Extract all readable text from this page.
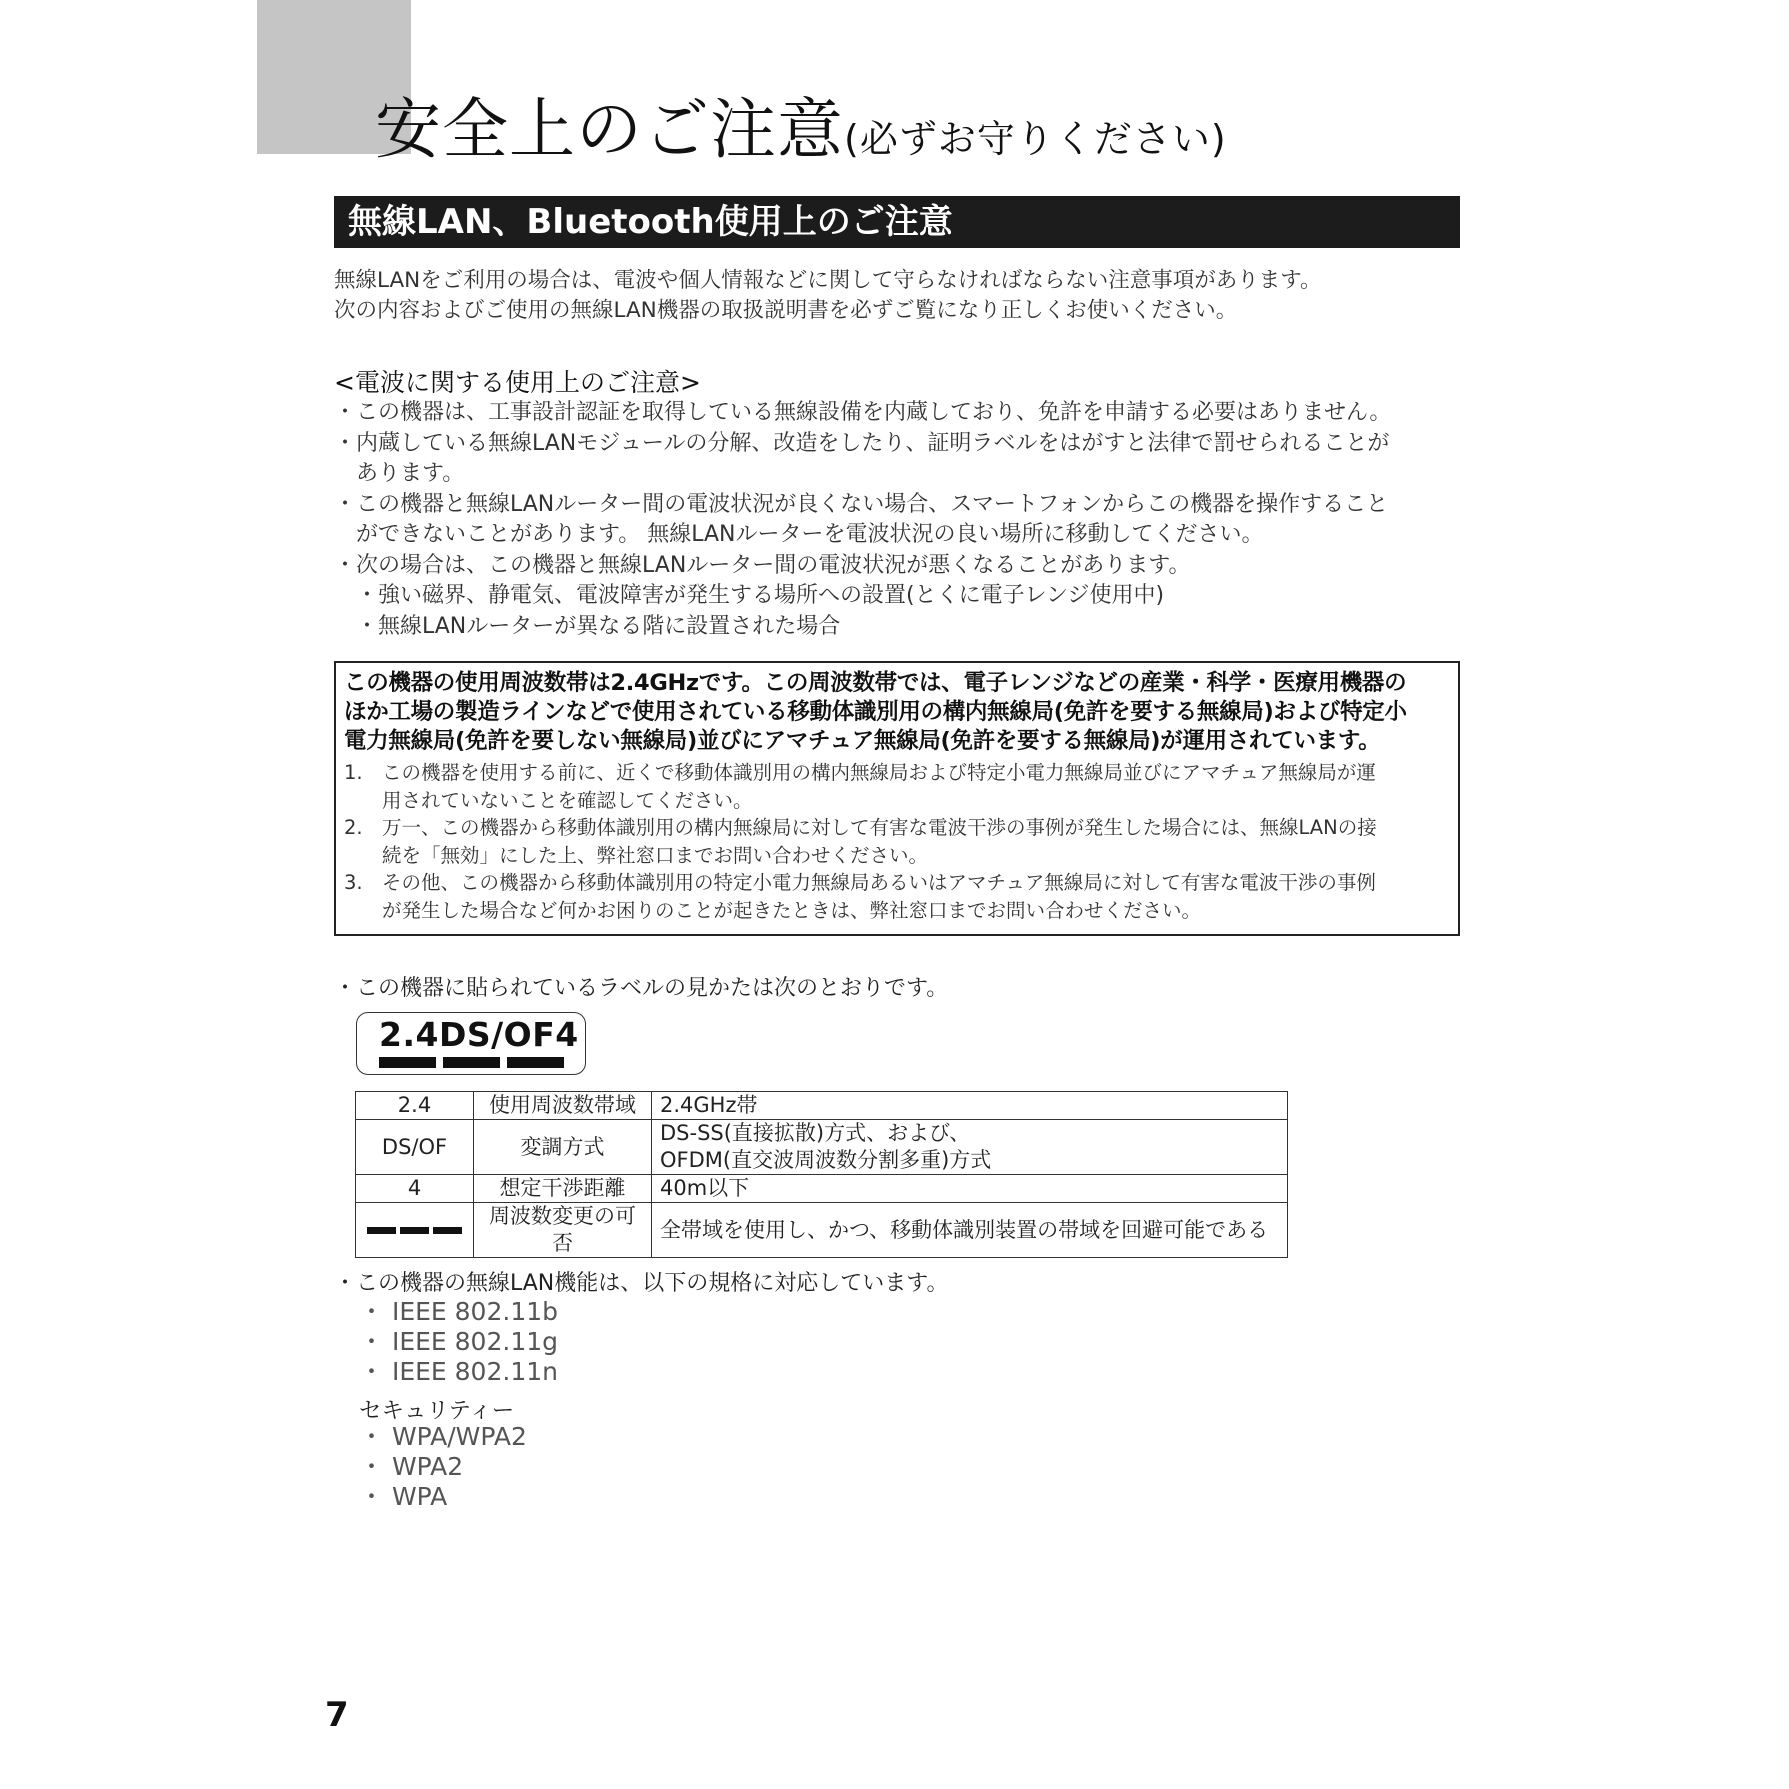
安全上のご注意(必ずお守りください)
無線LAN、Bluetooth使用上のご注意
無線LANをご利用の場合は、電波や個人情報などに関して守らなければならない注意事項があります。
次の内容およびご使用の無線LAN機器の取扱説明書を必ずご覧になり正しくお使いください。
<電波に関する使用上のご注意>
・この機器は、工事設計認証を取得している無線設備を内蔵しており、免許を申請する必要はありません。
・内蔵している無線LANモジュールの分解、改造をしたり、証明ラベルをはがすと法律で罰せられることが
あります。
・この機器と無線LANルーター間の電波状況が良くない場合、スマートフォンからこの機器を操作すること
ができないことがあります。 無線LANルーターを電波状況の良い場所に移動してください。
・次の場合は、この機器と無線LANルーター間の電波状況が悪くなることがあります。
・強い磁界、静電気、電波障害が発生する場所への設置(とくに電子レンジ使用中)
・無線LANルーターが異なる階に設置された場合
この機器の使用周波数帯は2.4GHzです。この周波数帯では、電子レンジなどの産業・科学・医療用機器の
ほか工場の製造ラインなどで使用されている移動体識別用の構内無線局(免許を要する無線局)および特定小
電力無線局(免許を要しない無線局)並びにアマチュア無線局(免許を要する無線局)が運用されています。
1. この機器を使用する前に、近くで移動体識別用の構内無線局および特定小電力無線局並びにアマチュア無線局が運
用されていないことを確認してください。
2. 万一、この機器から移動体識別用の構内無線局に対して有害な電波干渉の事例が発生した場合には、無線LANの接
続を「無効」にした上、弊社窓口までお問い合わせください。
3. その他、この機器から移動体識別用の特定小電力無線局あるいはアマチュア無線局に対して有害な電波干渉の事例
が発生した場合など何かお困りのことが起きたときは、弊社窓口までお問い合わせください。
・この機器に貼られているラベルの見かたは次のとおりです。
2.4DS/OF4
2.4	使用周波数帯域	2.4GHz帯
DS/OF	変調方式	DS-SS(直接拡散)方式、および、
OFDM(直交波周波数分割多重)方式
4	想定干渉距離	40m以下

	周波数変更の可否	全帯域を使用し、かつ、移動体識別装置の帯域を回避可能である
・この機器の無線LAN機能は、以下の規格に対応しています。
・ IEEE 802.11b
・ IEEE 802.11g
・ IEEE 802.11n
セキュリティー
・ WPA/WPA2
・ WPA2
・ WPA
7
